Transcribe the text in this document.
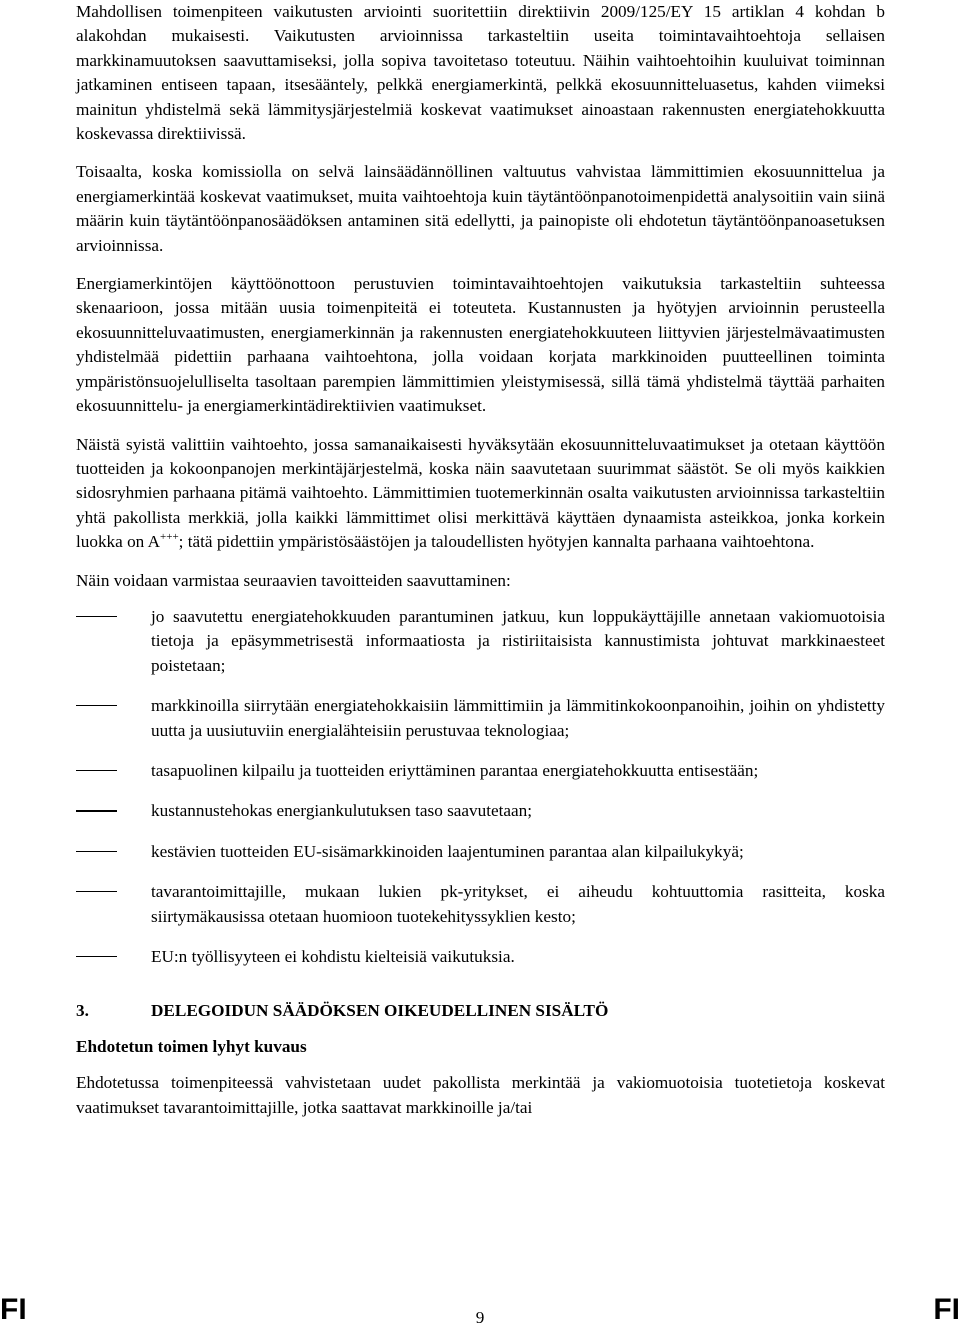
Mahdollisen toimenpiteen vaikutusten arviointi suoritettiin direktiivin 2009/125/EY 15 artiklan 4 kohdan b alakohdan mukaisesti. Vaikutusten arvioinnissa tarkasteltiin useita toimintavaihtoehtoja sellaisen markkinamuutoksen saavuttamiseksi, jolla sopiva tavoitetaso toteutuu. Näihin vaihtoehtoihin kuuluivat toiminnan jatkaminen entiseen tapaan, itsesääntely, pelkkä energiamerkintä, pelkkä ekosuunnitteluasetus, kahden viimeksi mainitun yhdistelmä sekä lämmitysjärjestelmiä koskevat vaatimukset ainoastaan rakennusten energiatehokkuutta koskevassa direktiivissä.

Toisaalta, koska komissiolla on selvä lainsäädännöllinen valtuutus vahvistaa lämmittimien ekosuunnittelua ja energiamerkintää koskevat vaatimukset, muita vaihtoehtoja kuin täytäntöönpanotoimenpidettä analysoitiin vain siinä määrin kuin täytäntöönpanosäädöksen antaminen sitä edellytti, ja painopiste oli ehdotetun täytäntöönpanoasetuksen arvioinnissa.

Energiamerkintöjen käyttöönottoon perustuvien toimintavaihtoehtojen vaikutuksia tarkasteltiin suhteessa skenaarioon, jossa mitään uusia toimenpiteitä ei toteuteta. Kustannusten ja hyötyjen arvioinnin perusteella ekosuunnitteluvaatimusten, energiamerkinnän ja rakennusten energiatehokkuuteen liittyvien järjestelmävaatimusten yhdistelmää pidettiin parhaana vaihtoehtona, jolla voidaan korjata markkinoiden puutteellinen toiminta ympäristönsuojelulliselta tasoltaan parempien lämmittimien yleistymisessä, sillä tämä yhdistelmä täyttää parhaiten ekosuunnittelu- ja energiamerkintädirektiivien vaatimukset.

Näistä syistä valittiin vaihtoehto, jossa samanaikaisesti hyväksytään ekosuunnitteluvaatimukset ja otetaan käyttöön tuotteiden ja kokoonpanojen merkintäjärjestelmä, koska näin saavutetaan suurimmat säästöt. Se oli myös kaikkien sidosryhmien parhaana pitämä vaihtoehto. Lämmittimien tuotemerkinnän osalta vaikutusten arvioinnissa tarkasteltiin yhtä pakollista merkkiä, jolla kaikki lämmittimet olisi merkittävä käyttäen dynaamista asteikkoa, jonka korkein luokka on A+++; tätä pidettiin ympäristösäästöjen ja taloudellisten hyötyjen kannalta parhaana vaihtoehtona.

Näin voidaan varmistaa seuraavien tavoitteiden saavuttaminen:

jo saavutettu energiatehokkuuden parantuminen jatkuu, kun loppukäyttäjille annetaan vakiomuotoisia tietoja ja epäsymmetrisestä informaatiosta ja ristiriitaisista kannustimista johtuvat markkinaesteet poistetaan;
markkinoilla siirrytään energiatehokkaisiin lämmittimiin ja lämmitinkokoonpanoihin, joihin on yhdistetty uutta ja uusiutuviin energialähteisiin perustuvaa teknologiaa;
tasapuolinen kilpailu ja tuotteiden eriyttäminen parantaa energiatehokkuutta entisestään;
kustannustehokas energiankulutuksen taso saavutetaan;
kestävien tuotteiden EU-sisämarkkinoiden laajentuminen parantaa alan kilpailukykyä;
tavarantoimittajille, mukaan lukien pk-yritykset, ei aiheudu kohtuuttomia rasitteita, koska siirtymäkausissa otetaan huomioon tuotekehityssyklien kesto;
EU:n työllisyyteen ei kohdistu kielteisiä vaikutuksia.
3.	DELEGOIDUN SÄÄDÖKSEN OIKEUDELLINEN SISÄLTÖ
Ehdotetun toimen lyhyt kuvaus

Ehdotetussa toimenpiteessä vahvistetaan uudet pakollista merkintää ja vakiomuotoisia tuotetietoja koskevat vaatimukset tavarantoimittajille, jotka saattavat markkinoille ja/tai

FI	9	FI
